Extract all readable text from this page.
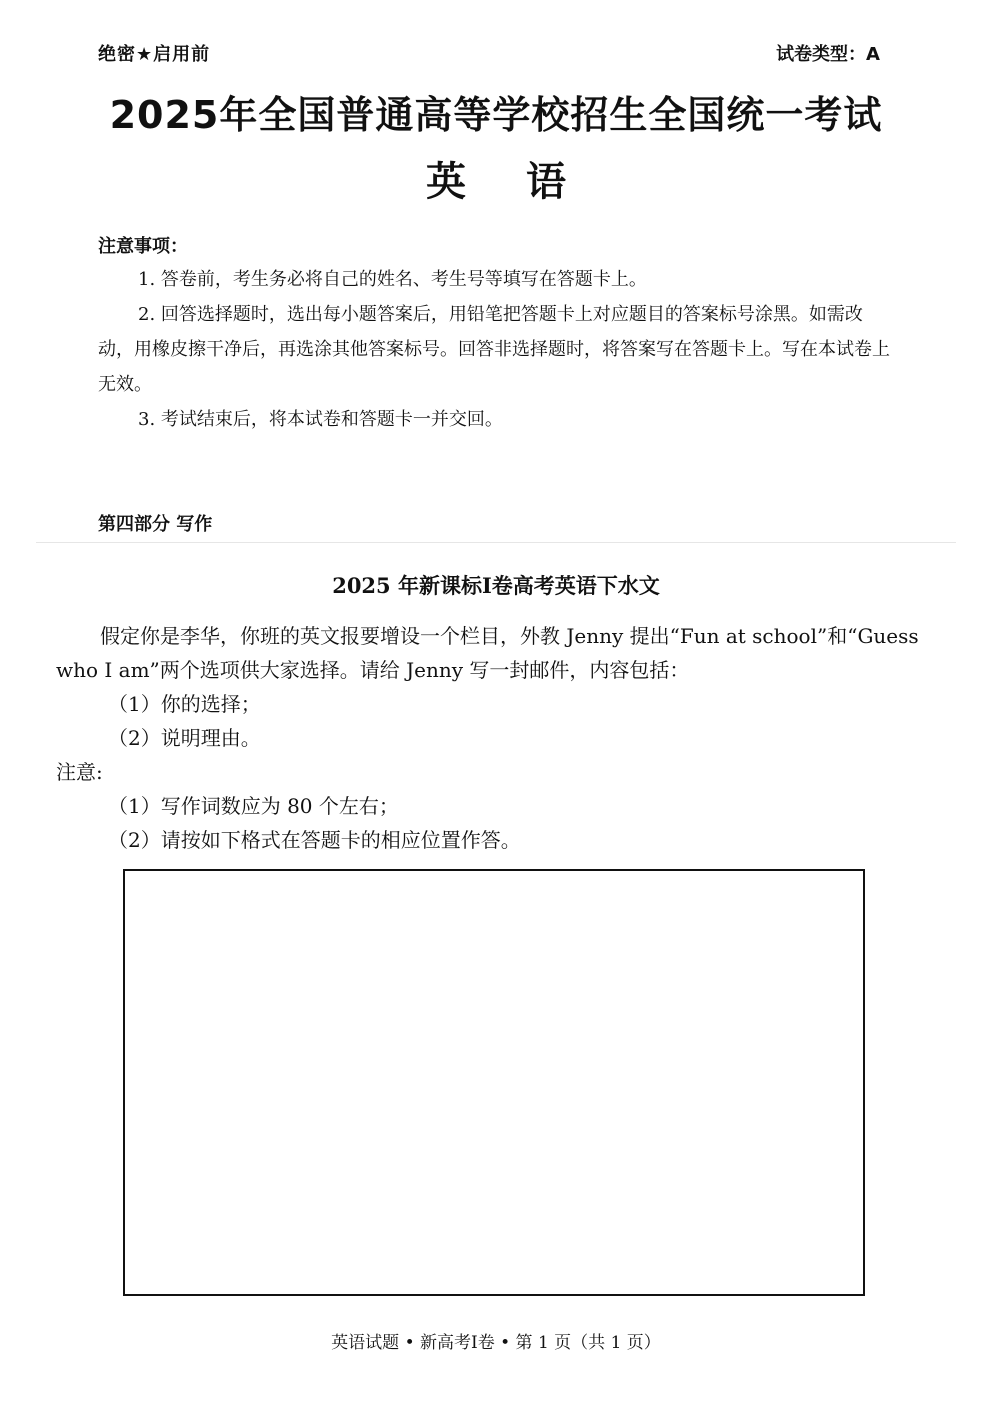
绝密★启用前	试卷类型：A
2025年全国普通高等学校招生全国统一考试
英语
注意事项：

1. 答卷前，考生务必将自己的姓名、考生号等填写在答题卡上。

2. 回答选择题时，选出每小题答案后，用铅笔把答题卡上对应题目的答案标号涂黑。如需改动，用橡皮擦干净后，再选涂其他答案标号。回答非选择题时，将答案写在答题卡上。写在本试卷上无效。

3. 考试结束后，将本试卷和答题卡一并交回。

第四部分 写作
2025 年新课标I卷高考英语下水文

假定你是李华，你班的英文报要增设一个栏目，外教 Jenny 提出“Fun at school”和“Guess who I am”两个选项供大家选择。请给 Jenny 写一封邮件，内容包括：

（1）你的选择；

（2）说明理由。

注意:

（1）写作词数应为 80 个左右；

（2）请按如下格式在答题卡的相应位置作答。

英语试题 • 新高考I卷 • 第 1 页（共 1 页）
